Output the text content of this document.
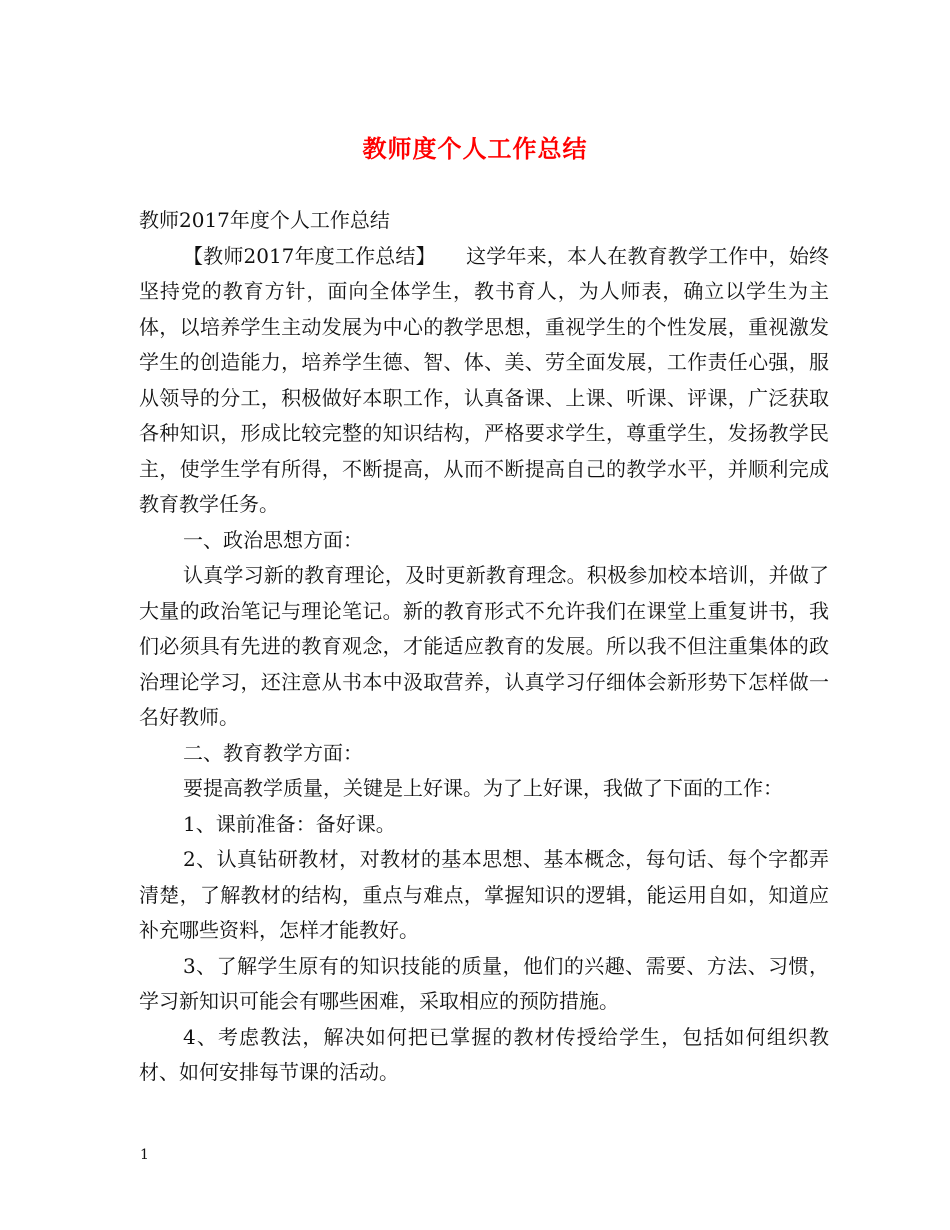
教师度个人工作总结

教师2017年度个人工作总结

【教师2017年度工作总结】　　这学年来，本人在教育教学工作中，始终坚持党的教育方针，面向全体学生，教书育人，为人师表，确立以学生为主体，以培养学生主动发展为中心的教学思想，重视学生的个性发展，重视激发学生的创造能力，培养学生德、智、体、美、劳全面发展，工作责任心强，服从领导的分工，积极做好本职工作，认真备课、上课、听课、评课，广泛获取各种知识，形成比较完整的知识结构，严格要求学生，尊重学生，发扬教学民主，使学生学有所得，不断提高，从而不断提高自己的教学水平，并顺利完成教育教学任务。

一、政治思想方面：

认真学习新的教育理论，及时更新教育理念。积极参加校本培训，并做了大量的政治笔记与理论笔记。新的教育形式不允许我们在课堂上重复讲书，我们必须具有先进的教育观念，才能适应教育的发展。所以我不但注重集体的政治理论学习，还注意从书本中汲取营养，认真学习仔细体会新形势下怎样做一名好教师。

二、教育教学方面：

要提高教学质量，关键是上好课。为了上好课，我做了下面的工作：

1、课前准备：备好课。

2、认真钻研教材，对教材的基本思想、基本概念，每句话、每个字都弄清楚，了解教材的结构，重点与难点，掌握知识的逻辑，能运用自如，知道应补充哪些资料，怎样才能教好。

3、了解学生原有的知识技能的质量，他们的兴趣、需要、方法、习惯，学习新知识可能会有哪些困难，采取相应的预防措施。

4、考虑教法，解决如何把已掌握的教材传授给学生，包括如何组织教材、如何安排每节课的活动。

1
